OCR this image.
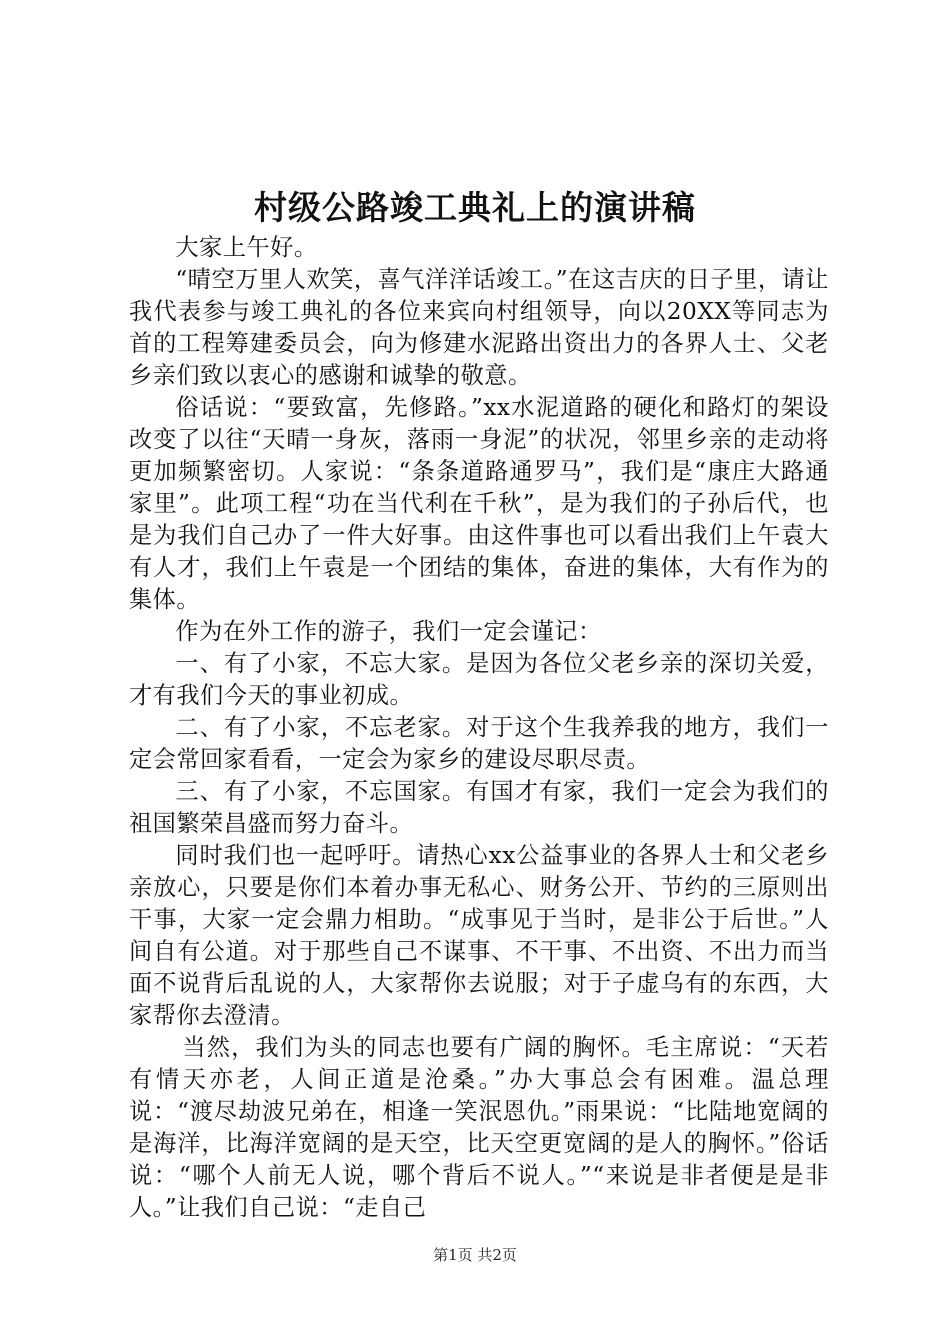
村级公路竣工典礼上的演讲稿

大家上午好。

“晴空万里人欢笑，喜气洋洋话竣工。”在这吉庆的日子里，请让我代表参与竣工典礼的各位来宾向村组领导，向以20XX等同志为首的工程筹建委员会，向为修建水泥路出资出力的各界人士、父老乡亲们致以衷心的感谢和诚挚的敬意。

俗话说：“要致富，先修路。”xx水泥道路的硬化和路灯的架设改变了以往“天晴一身灰，落雨一身泥”的状况，邻里乡亲的走动将更加频繁密切。人家说：“条条道路通罗马”，我们是“康庄大路通家里”。此项工程“功在当代利在千秋”，是为我们的子孙后代，也是为我们自己办了一件大好事。由这件事也可以看出我们上午袁大有人才，我们上午袁是一个团结的集体，奋进的集体，大有作为的集体。

作为在外工作的游子，我们一定会谨记：

一、有了小家，不忘大家。是因为各位父老乡亲的深切关爱，才有我们今天的事业初成。

二、有了小家，不忘老家。对于这个生我养我的地方，我们一定会常回家看看，一定会为家乡的建设尽职尽责。

三、有了小家，不忘国家。有国才有家，我们一定会为我们的祖国繁荣昌盛而努力奋斗。

同时我们也一起呼吁。请热心xx公益事业的各界人士和父老乡亲放心，只要是你们本着办事无私心、财务公开、节约的三原则出干事，大家一定会鼎力相助。“成事见于当时，是非公于后世。”人间自有公道。对于那些自己不谋事、不干事、不出资、不出力而当面不说背后乱说的人，大家帮你去说服；对于子虚乌有的东西，大家帮你去澄清。

当然，我们为头的同志也要有广阔的胸怀。毛主席说：“天若有情天亦老，人间正道是沧桑。”办大事总会有困难。温总理说：“渡尽劫波兄弟在，相逢一笑泯恩仇。”雨果说：“比陆地宽阔的是海洋，比海洋宽阔的是天空，比天空更宽阔的是人的胸怀。”俗话说：“哪个人前无人说，哪个背后不说人。”“来说是非者便是是非人。”让我们自己说：“走自己

第1页 共2页
